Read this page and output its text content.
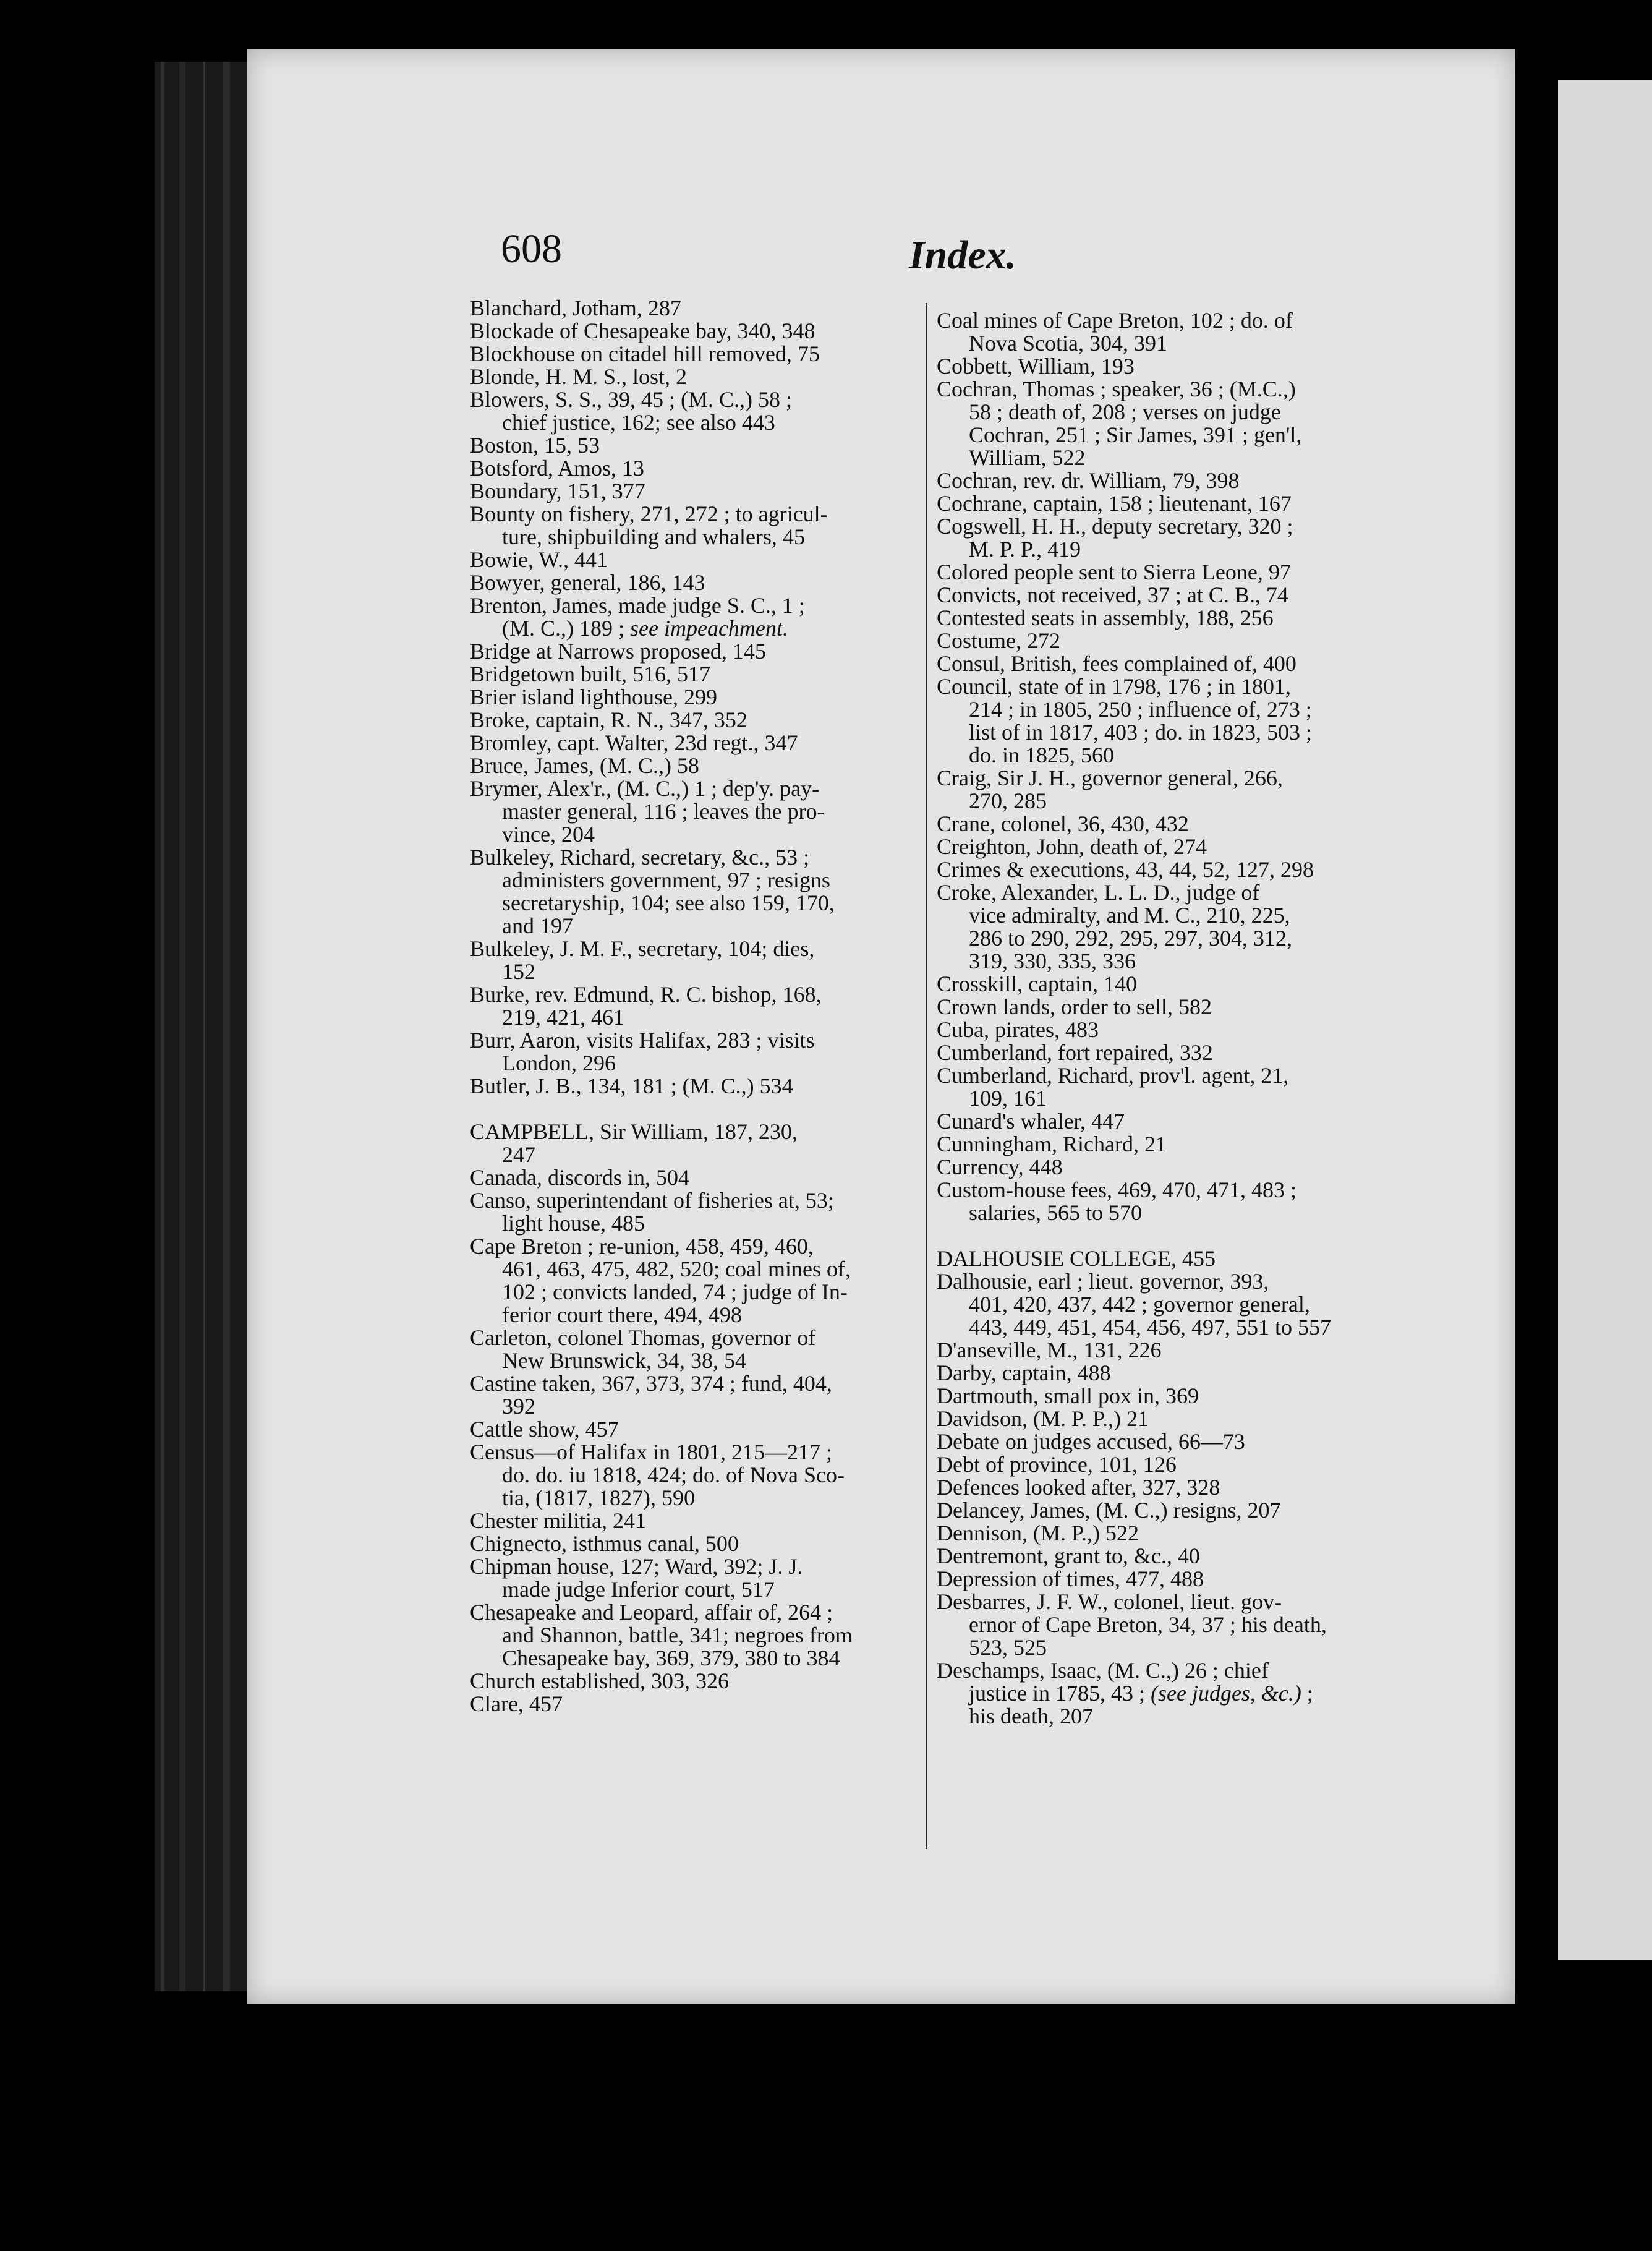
608	Index.
Blanchard, Jotham, 287

Blockade of Chesapeake bay, 340, 348

Blockhouse on citadel hill removed, 75

Blonde, H. M. S., lost, 2

Blowers, S. S., 39, 45 ; (M. C.,) 58 ;
chief justice, 162; see also 443

Boston, 15, 53

Botsford, Amos, 13

Boundary, 151, 377

Bounty on fishery, 271, 272 ; to agricul-
ture, shipbuilding and whalers, 45

Bowie, W., 441

Bowyer, general, 186, 143

Brenton, James, made judge S. C., 1 ;
(M. C.,) 189 ; see impeachment.
Bridge at Narrows proposed, 145

Bridgetown built, 516, 517

Brier island lighthouse, 299

Broke, captain, R. N., 347, 352

Bromley, capt. Walter, 23d regt., 347

Bruce, James, (M. C.,) 58

Brymer, Alex'r., (M. C.,) 1 ; dep'y. pay-
master general, 116 ; leaves the pro-
vince, 204

Bulkeley, Richard, secretary, &c., 53 ;
administers government, 97 ; resigns
secretaryship, 104; see also 159, 170,
and 197

Bulkeley, J. M. F., secretary, 104; dies,
152

Burke, rev. Edmund, R. C. bishop, 168,
219, 421, 461

Burr, Aaron, visits Halifax, 283 ; visits
London, 296

Butler, J. B., 134, 181 ; (M. C.,) 534

CAMPBELL, Sir William, 187, 230,
247

Canada, discords in, 504

Canso, superintendant of fisheries at, 53;
light house, 485

Cape Breton ; re-union, 458, 459, 460,
461, 463, 475, 482, 520; coal mines of,
102 ; convicts landed, 74 ; judge of In-
ferior court there, 494, 498

Carleton, colonel Thomas, governor of
New Brunswick, 34, 38, 54

Castine taken, 367, 373, 374 ; fund, 404,
392

Cattle show, 457

Census—of Halifax in 1801, 215—217 ;
do. do. iu 1818, 424; do. of Nova Sco-
tia, (1817, 1827), 590

Chester militia, 241

Chignecto, isthmus canal, 500

Chipman house, 127; Ward, 392; J. J.
made judge Inferior court, 517

Chesapeake and Leopard, affair of, 264 ;
and Shannon, battle, 341; negroes from
Chesapeake bay, 369, 379, 380 to 384

Church established, 303, 326

Clare, 457

Coal mines of Cape Breton, 102 ; do. of
Nova Scotia, 304, 391

Cobbett, William, 193

Cochran, Thomas ; speaker, 36 ; (M.C.,)
58 ; death of, 208 ; verses on judge
Cochran, 251 ; Sir James, 391 ; gen'l,
William, 522

Cochran, rev. dr. William, 79, 398

Cochrane, captain, 158 ; lieutenant, 167

Cogswell, H. H., deputy secretary, 320 ;
M. P. P., 419

Colored people sent to Sierra Leone, 97

Convicts, not received, 37 ; at C. B., 74

Contested seats in assembly, 188, 256

Costume, 272

Consul, British, fees complained of, 400

Council, state of in 1798, 176 ; in 1801,
214 ; in 1805, 250 ; influence of, 273 ;
list of in 1817, 403 ; do. in 1823, 503 ;
do. in 1825, 560

Craig, Sir J. H., governor general, 266,
270, 285

Crane, colonel, 36, 430, 432

Creighton, John, death of, 274

Crimes & executions, 43, 44, 52, 127, 298

Croke, Alexander, L. L. D., judge of
vice admiralty, and M. C., 210, 225,
286 to 290, 292, 295, 297, 304, 312,
319, 330, 335, 336

Crosskill, captain, 140

Crown lands, order to sell, 582

Cuba, pirates, 483

Cumberland, fort repaired, 332

Cumberland, Richard, prov'l. agent, 21,
109, 161

Cunard's whaler, 447

Cunningham, Richard, 21

Currency, 448

Custom-house fees, 469, 470, 471, 483 ;
salaries, 565 to 570

DALHOUSIE COLLEGE, 455

Dalhousie, earl ; lieut. governor, 393,
401, 420, 437, 442 ; governor general,
443, 449, 451, 454, 456, 497, 551 to 557

D'anseville, M., 131, 226

Darby, captain, 488

Dartmouth, small pox in, 369

Davidson, (M. P. P.,) 21

Debate on judges accused, 66—73

Debt of province, 101, 126

Defences looked after, 327, 328

Delancey, James, (M. C.,) resigns, 207

Dennison, (M. P.,) 522

Dentremont, grant to, &c., 40

Depression of times, 477, 488

Desbarres, J. F. W., colonel, lieut. gov-
ernor of Cape Breton, 34, 37 ; his death,
523, 525

Deschamps, Isaac, (M. C.,) 26 ; chief
justice in 1785, 43 ; (see judges, &c.) ;
his death, 207
